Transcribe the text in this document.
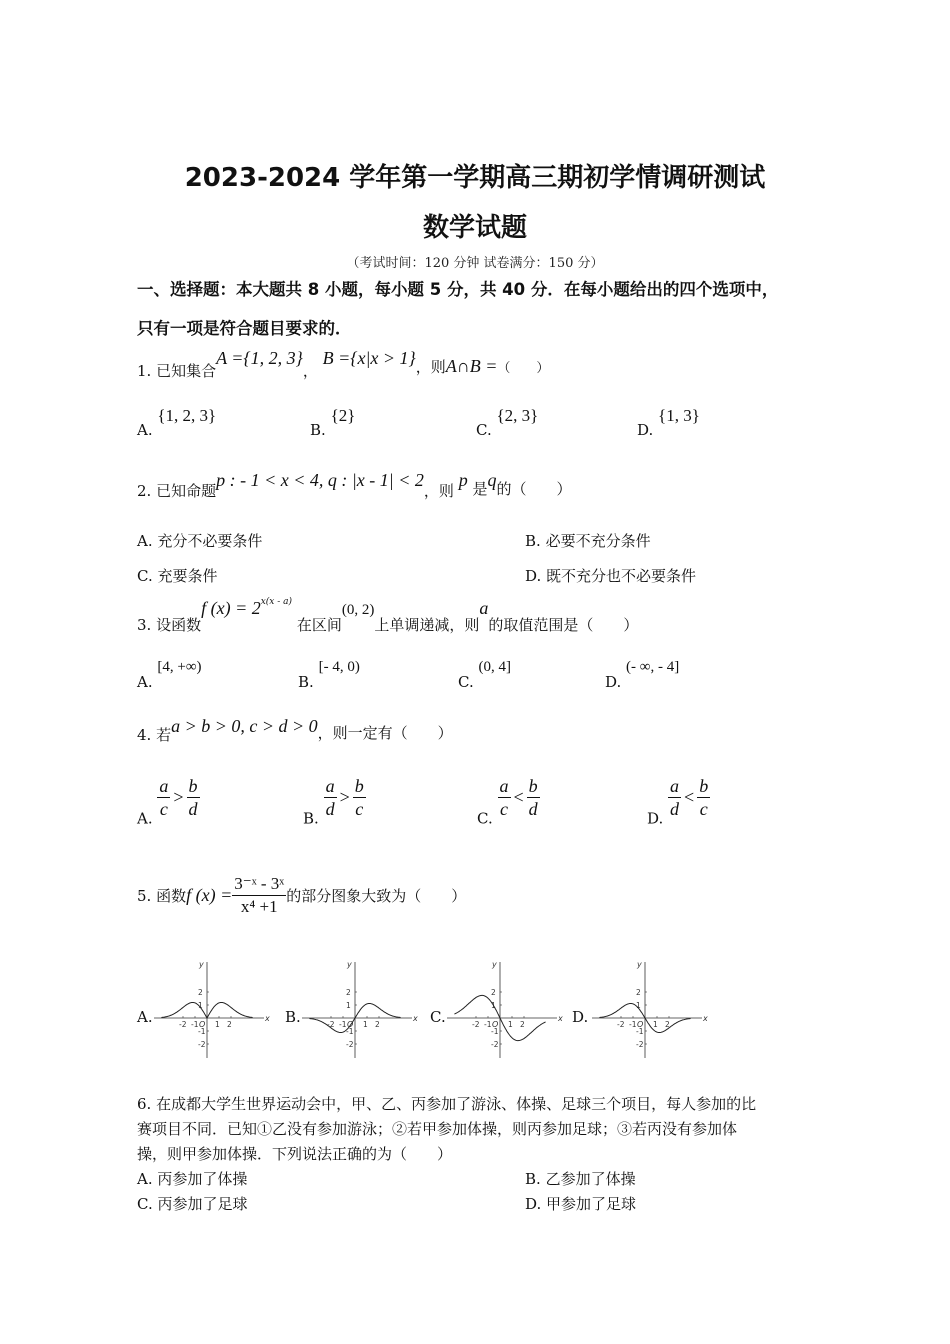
2023-2024 学年第一学期高三期初学情调研测试
数学试题
（考试时间：120 分钟 试卷满分：150 分）
一、选择题：本大题共 8 小题，每小题 5 分，共 40 分．在每小题给出的四个选项中，
只有一项是符合题目要求的．
1. 已知集合A ={1, 2, 3}， B ={x|x > 1}，则A∩B =（　　）
A. {1, 2, 3}
B. {2}
C. {2, 3}
D. {1, 3}
2. 已知命题p : - 1 < x < 4, q : |x - 1| < 2，则 p 是q的（　　）
A. 充分不必要条件	B. 必要不充分条件
C. 充要条件	D. 既不充分也不必要条件
3. 设函数f $(x) = 2^{x(x - a)}$ 在区间(0, 2)上单调递减，则a的取值范围是（　　）
A. [4, +∞)
B. [- 4, 0)
C. (0, 4]
D. (- ∞, - 4]
4. 若a > b > 0, c > d > 0，则一定有（　　）
A. $\frac{a}{c} > \frac{b}{d}$	B. $\frac{a}{d} > \frac{b}{c}$	C. $\frac{a}{c} < \frac{b}{d}$	D. $\frac{a}{d} < \frac{b}{c}$
5. 函数f $(x) = \frac{\text{3⁻ˣ - 3ˣ}}{\text{x⁴ +1}}$ 的部分图象大致为（　　）
A.	B.	C.	D.
y
x
O
-2 -1 1 2
2
1
-1
-2
y
x
O
-2 -1 1 2
2
1
-1
-2
y
x
O
-2 -1 1 2
2
1
-1
-2
y
x
O
-2 -1 1 2
2
1
-1
-2
6. 在成都大学生世界运动会中，甲、乙、丙参加了游泳、体操、足球三个项目，每人参加的比
赛项目不同．已知①乙没有参加游泳；②若甲参加体操，则丙参加足球；③若丙没有参加体
操，则甲参加体操．下列说法正确的为（　　）
A. 丙参加了体操	B. 乙参加了体操
C. 丙参加了足球	D. 甲参加了足球
